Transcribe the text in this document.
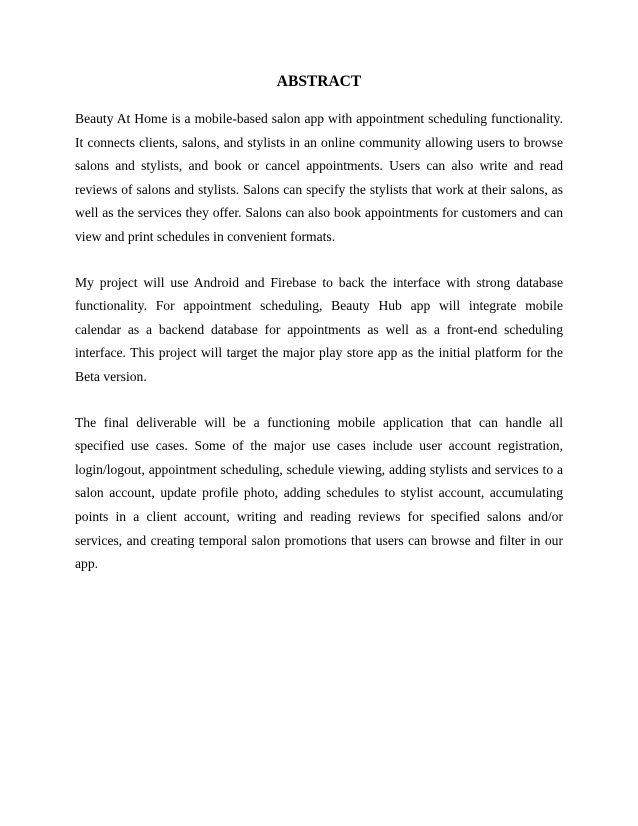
ABSTRACT

Beauty At Home is a mobile-based salon app with appointment scheduling functionality. It connects clients, salons, and stylists in an online community allowing users to browse salons and stylists, and book or cancel appointments. Users can also write and read reviews of salons and stylists. Salons can specify the stylists that work at their salons, as well as the services they offer. Salons can also book appointments for customers and can view and print schedules in convenient formats.

My project will use Android and Firebase to back the interface with strong database functionality. For appointment scheduling, Beauty Hub app will integrate mobile calendar as a backend database for appointments as well as a front-end scheduling interface. This project will target the major play store app as the initial platform for the Beta version.

The final deliverable will be a functioning mobile application that can handle all specified use cases. Some of the major use cases include user account registration, login/logout, appointment scheduling, schedule viewing, adding stylists and services to a salon account, update profile photo, adding schedules to stylist account, accumulating points in a client account, writing and reading reviews for specified salons and/or services, and creating temporal salon promotions that users can browse and filter in our app.
